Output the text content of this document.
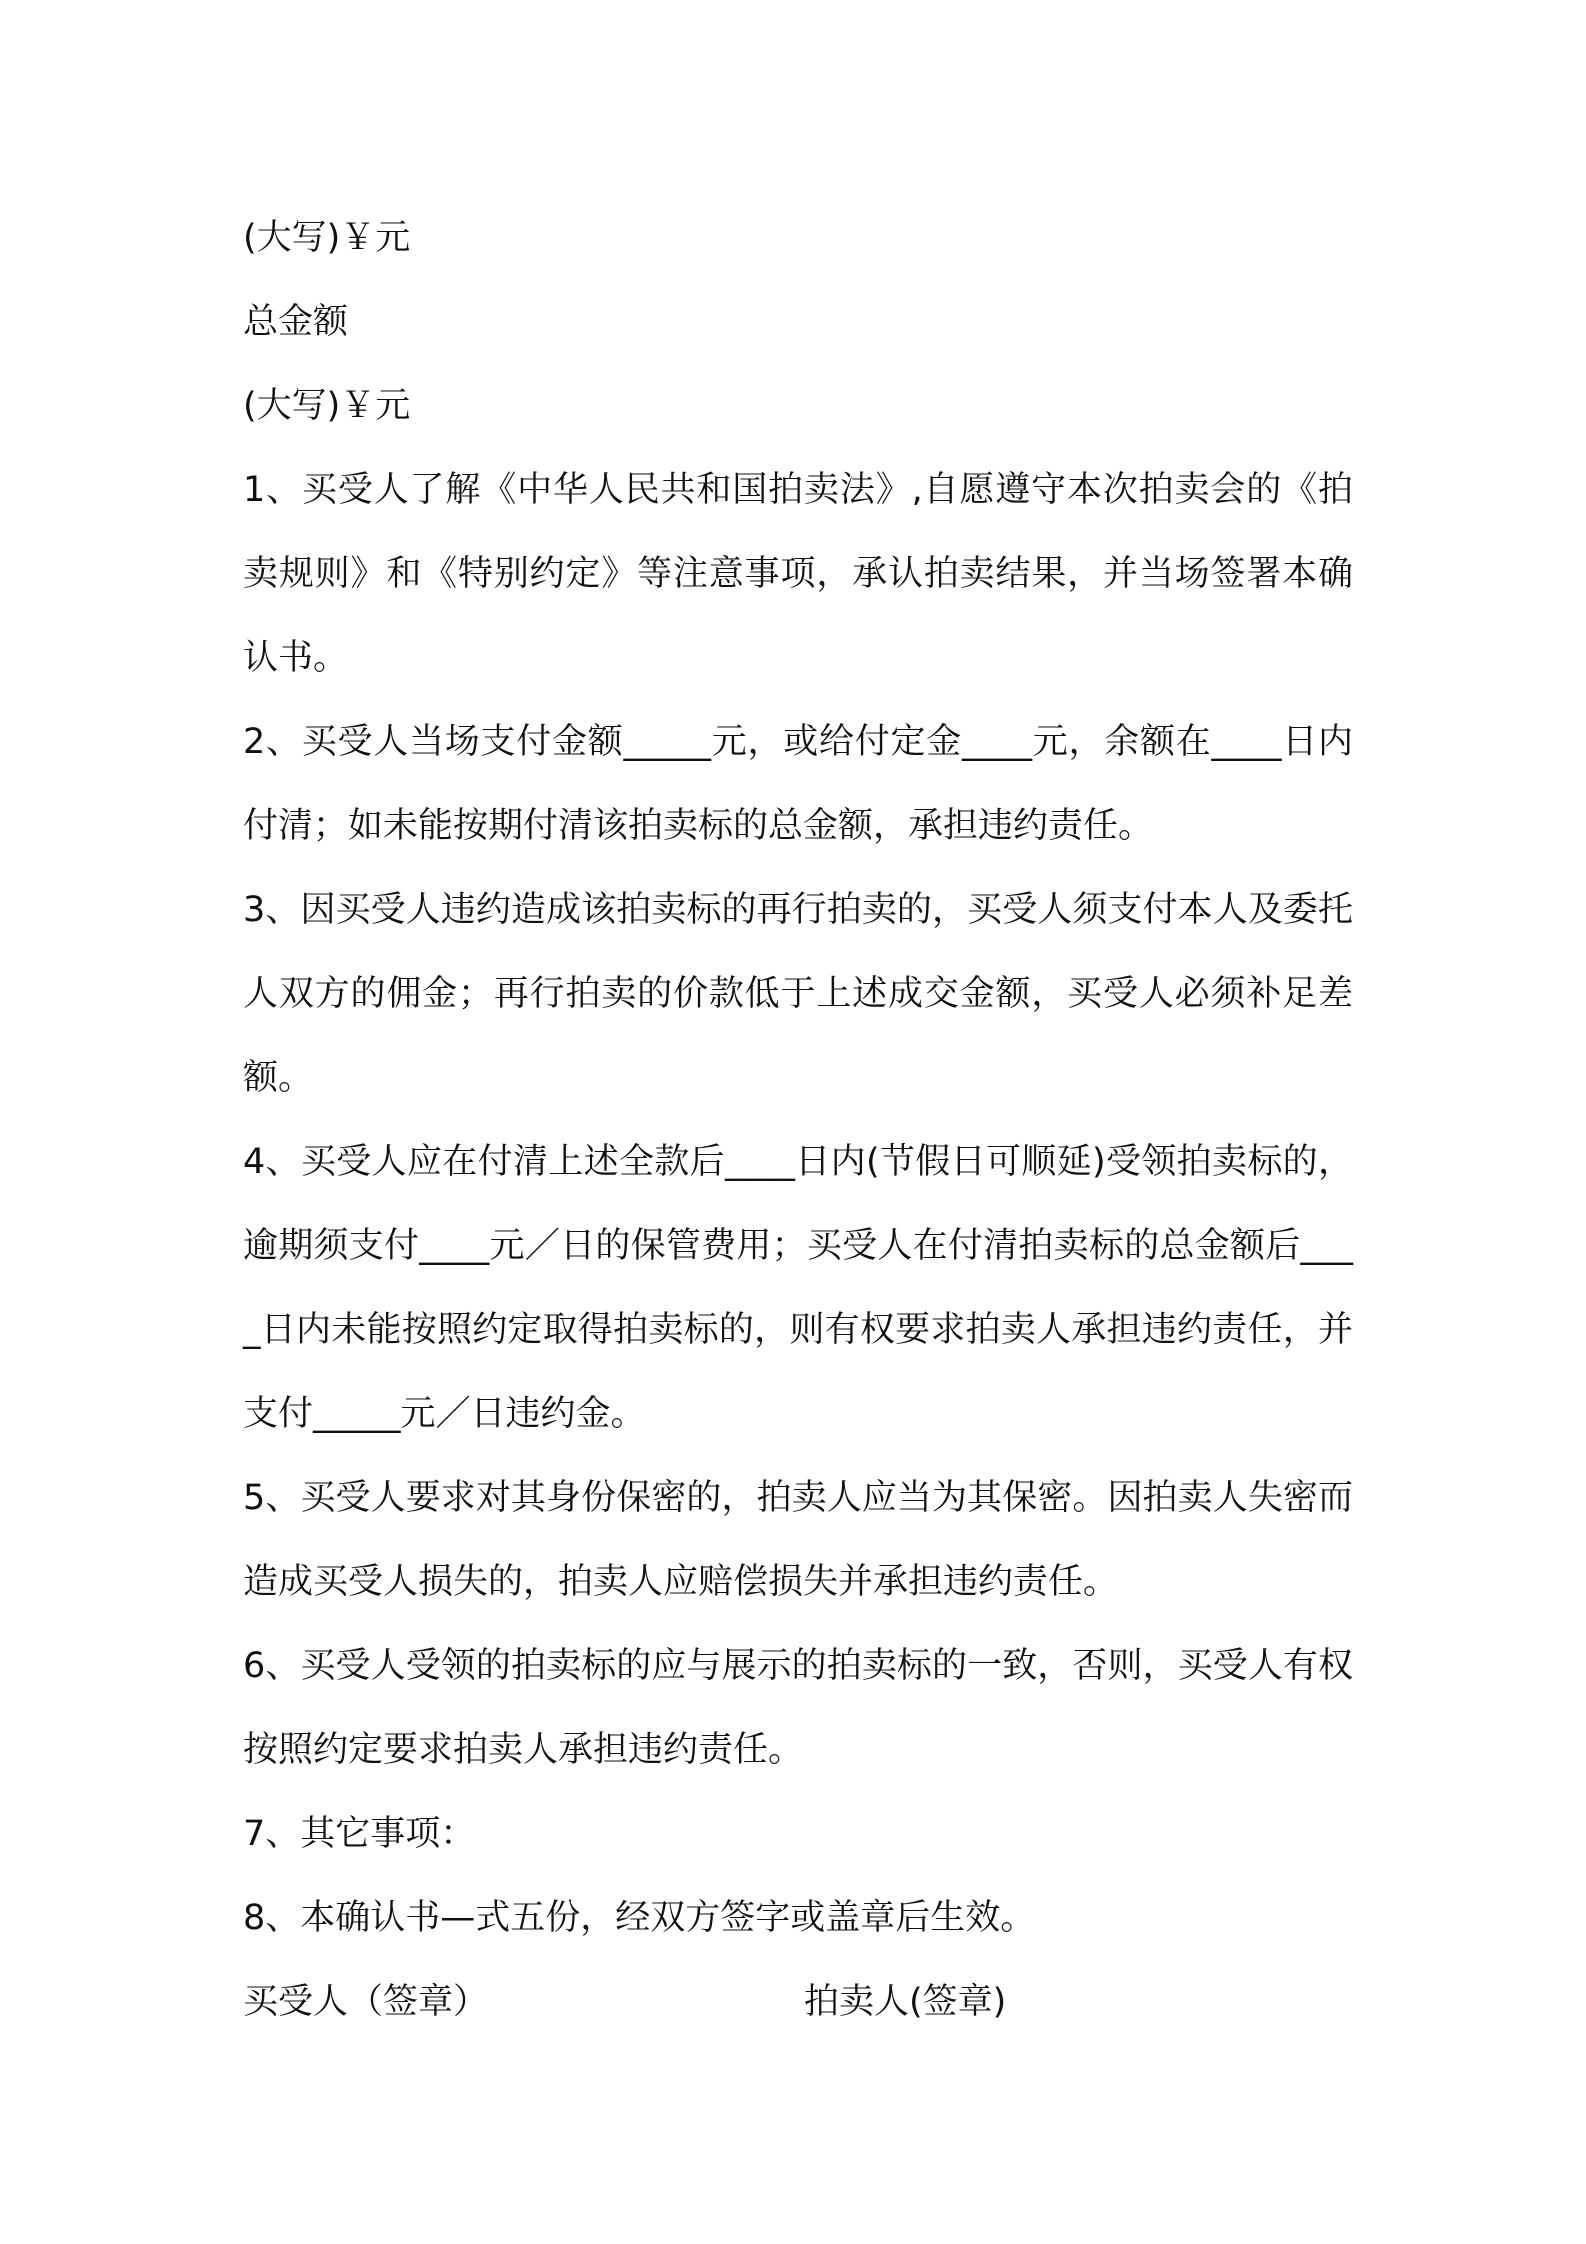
(大写)￥元

总金额

(大写)￥元

1、买受人了解《中华人民共和国拍卖法》,自愿遵守本次拍卖会的《拍卖规则》和《特别约定》等注意事项，承认拍卖结果，并当场签署本确认书。

2、买受人当场支付金额_____元，或给付定金____元，余额在____日内付清；如未能按期付清该拍卖标的总金额，承担违约责任。

3、因买受人违约造成该拍卖标的再行拍卖的，买受人须支付本人及委托人双方的佣金；再行拍卖的价款低于上述成交金额，买受人必须补足差额。

4、买受人应在付清上述全款后____日内(节假日可顺延)受领拍卖标的，逾期须支付____元／日的保管费用；买受人在付清拍卖标的总金额后____日内未能按照约定取得拍卖标的，则有权要求拍卖人承担违约责任，并支付_____元／日违约金。

5、买受人要求对其身份保密的，拍卖人应当为其保密。因拍卖人失密而造成买受人损失的，拍卖人应赔偿损失并承担违约责任。

6、买受人受领的拍卖标的应与展示的拍卖标的一致，否则，买受人有权按照约定要求拍卖人承担违约责任。

7、其它事项：

8、本确认书—式五份，经双方签字或盖章后生效。

买受人（签章）	拍卖人(签章)
